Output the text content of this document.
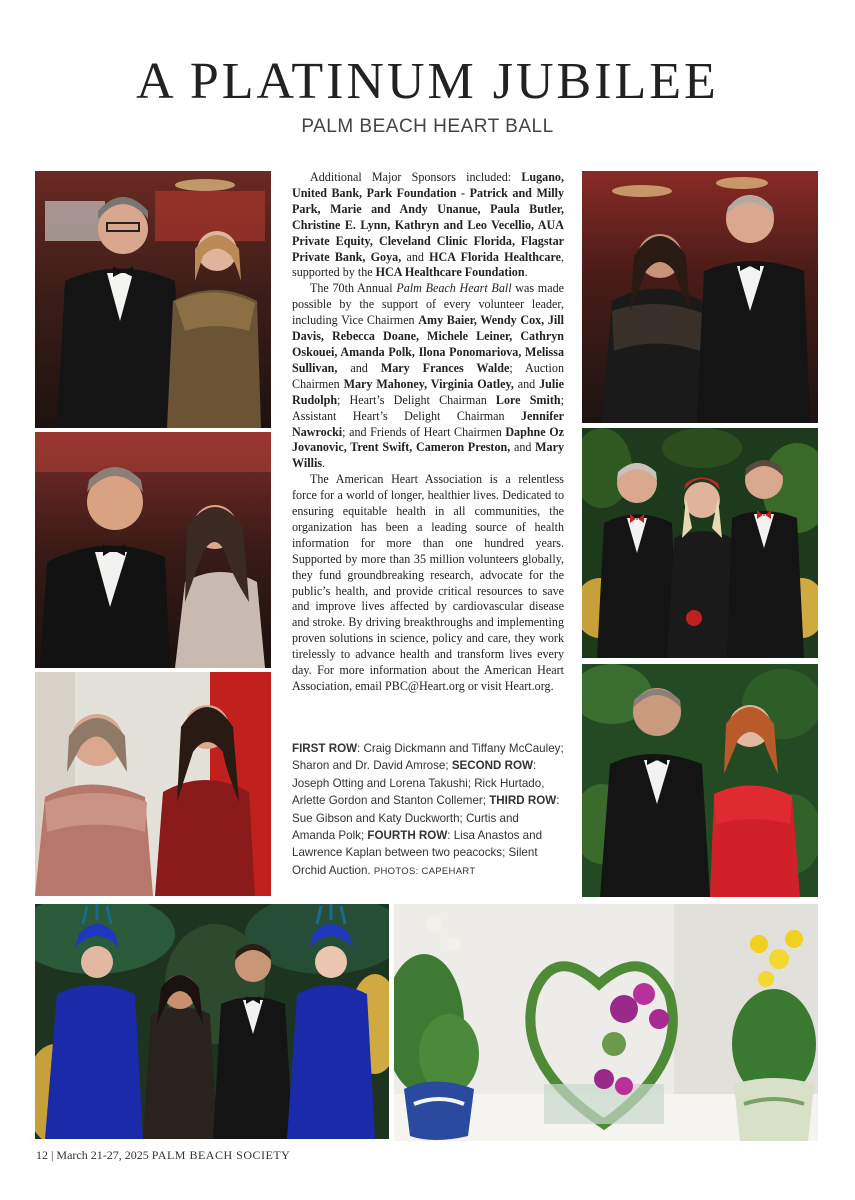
A PLATINUM JUBILEE
PALM BEACH HEART BALL

Additional Major Sponsors included: Lugano, United Bank, Park Foundation - Patrick and Milly Park, Marie and Andy Unanue, Paula Butler, Christine E. Lynn, Kathryn and Leo Vecellio, AUA Private Equity, Cleveland Clinic Florida, Flagstar Private Bank, Goya, and HCA Florida Healthcare, supported by the HCA Healthcare Foundation.

The 70th Annual Palm Beach Heart Ball was made possible by the support of every volunteer leader, including Vice Chairmen Amy Baier, Wendy Cox, Jill Davis, Rebecca Doane, Michele Leiner, Cathryn Oskouei, Amanda Polk, Ilona Ponomariova, Melissa Sullivan, and Mary Frances Walde; Auction Chairmen Mary Mahoney, Virginia Oatley, and Julie Rudolph; Heart’s Delight Chairman Lore Smith; Assistant Heart’s Delight Chairman Jennifer Nawrocki; and Friends of Heart Chairmen Daphne Oz Jovanovic, Trent Swift, Cameron Preston, and Mary Willis.

The American Heart Association is a relentless force for a world of longer, healthier lives. Dedicated to ensuring equitable health in all communities, the organization has been a leading source of health information for more than one hundred years. Supported by more than 35 million volunteers globally, they fund groundbreaking research, advocate for the public’s health, and provide critical resources to save and improve lives affected by cardiovascular disease and stroke. By driving breakthroughs and implementing proven solutions in science, policy and care, they work tirelessly to advance health and transform lives every day. For more information about the American Heart Association, email PBC@Heart.org or visit Heart.org.

FIRST ROW: Craig Dickmann and Tiffany McCauley; Sharon and Dr. David Amrose; SECOND ROW: Joseph Otting and Lorena Takushi; Rick Hurtado, Arlette Gordon and Stanton Collemer; THIRD ROW: Sue Gibson and Katy Duckworth; Curtis and Amanda Polk; FOURTH ROW: Lisa Anastos and Lawrence Kaplan between two peacocks; Silent Orchid Auction. PHOTOS: CAPEHART
12 | March 21-27, 2025 PALM BEACH SOCIETY
